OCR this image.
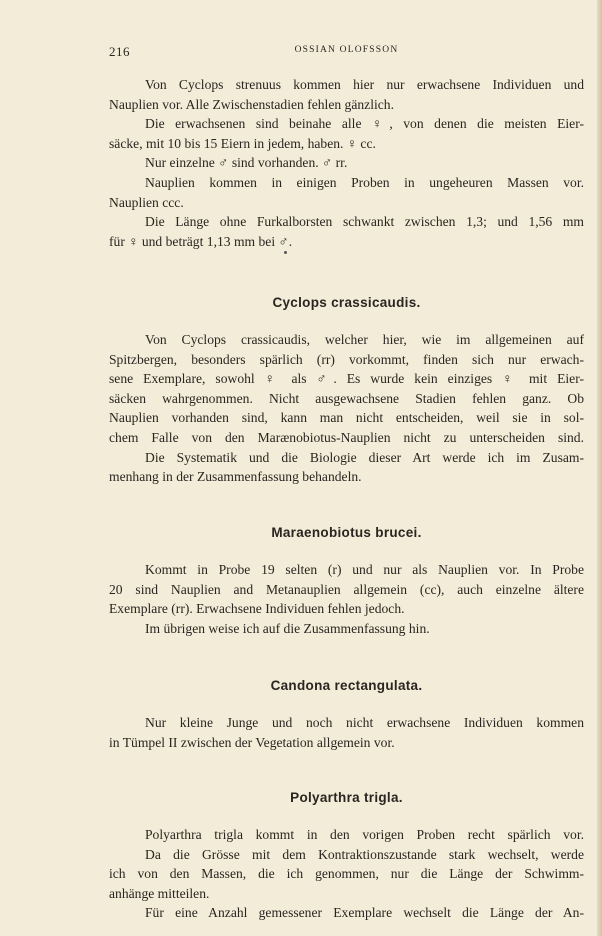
216	OSSIAN OLOFSSON
Von Cyclops strenuus kommen hier nur erwachsene Individuen und
Nauplien vor. Alle Zwischenstadien fehlen gänzlich.
Die erwachsenen sind beinahe alle ♀, von denen die meisten Eier-
säcke, mit 10 bis 15 Eiern in jedem, haben. ♀ cc.
Nur einzelne ♂ sind vorhanden. ♂ rr.
Nauplien kommen in einigen Proben in ungeheuren Massen vor.
Nauplien ccc.
Die Länge ohne Furkalborsten schwankt zwischen 1,3; und 1,56 mm
für ♀ und beträgt 1,13 mm bei ♂.
Cyclops crassicaudis.
Von Cyclops crassicaudis, welcher hier, wie im allgemeinen auf
Spitzbergen, besonders spärlich (rr) vorkommt, finden sich nur erwach-
sene Exemplare, sowohl ♀ als ♂. Es wurde kein einziges ♀ mit Eier-
säcken wahrgenommen. Nicht ausgewachsene Stadien fehlen ganz. Ob
Nauplien vorhanden sind, kann man nicht entscheiden, weil sie in sol-
chem Falle von den Marænobiotus-Nauplien nicht zu unterscheiden sind.
Die Systematik und die Biologie dieser Art werde ich im Zusam-
menhang in der Zusammenfassung behandeln.
Maraenobiotus brucei.
Kommt in Probe 19 selten (r) und nur als Nauplien vor. In Probe
20 sind Nauplien and Metanauplien allgemein (cc), auch einzelne ältere
Exemplare (rr). Erwachsene Individuen fehlen jedoch.
Im übrigen weise ich auf die Zusammenfassung hin.
Candona rectangulata.
Nur kleine Junge und noch nicht erwachsene Individuen kommen
in Tümpel II zwischen der Vegetation allgemein vor.
Polyarthra trigla.
Polyarthra trigla kommt in den vorigen Proben recht spärlich vor.
Da die Grösse mit dem Kontraktionszustande stark wechselt, werde
ich von den Massen, die ich genommen, nur die Länge der Schwimm-
anhänge mitteilen.
Für eine Anzahl gemessener Exemplare wechselt die Länge der An-
